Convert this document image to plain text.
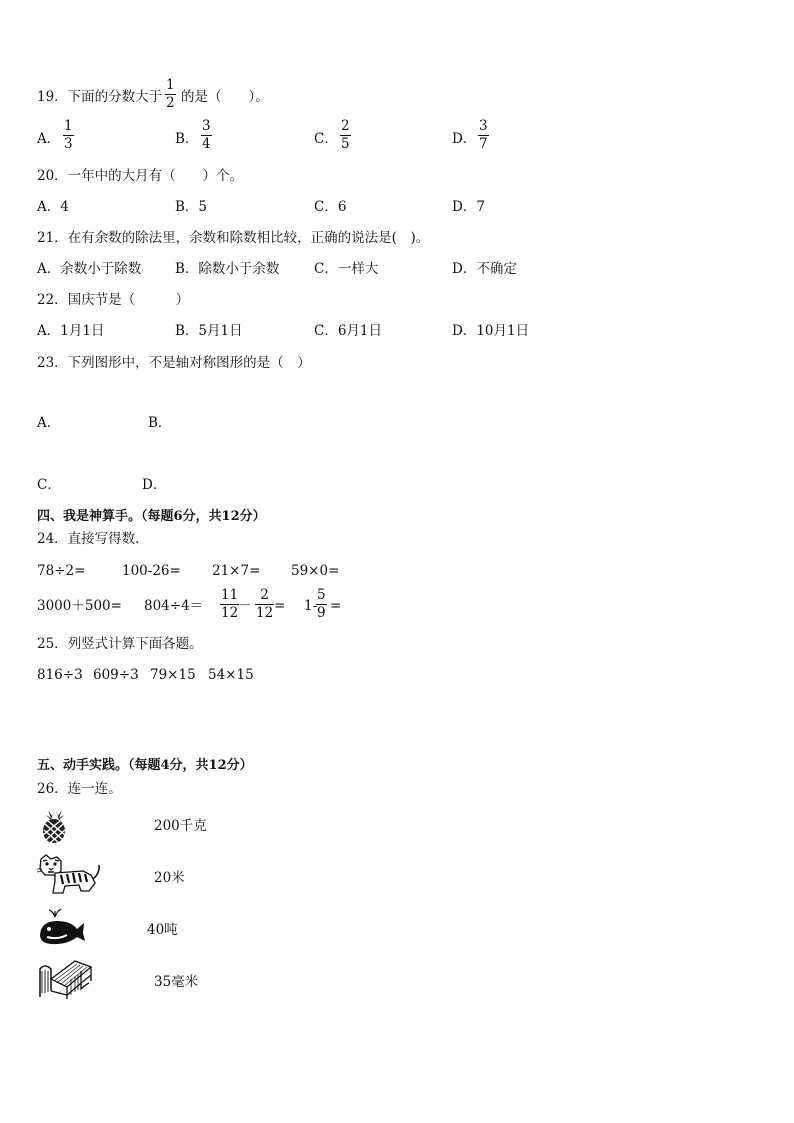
19．下面的分数大于
1
2 的是（　　）。
A．
1
3	B．
3
4	C．
2
5	D．
3
7
20．一年中的大月有（　　）个。
A．4	B．5	C．6	D．7
21．在有余数的除法里，余数和除数相比较，正确的说法是(　)。
A．余数小于除数	B．除数小于余数	C．一样大	D．不确定
22．国庆节是（　　　）
A．1月1日	B．5月1日	C．6月1日	D．10月1日
23．下列图形中，不是轴对称图形的是（　）
A．	B．
C．	D．
四、我是神算手。（每题6分，共12分）
24．直接写得数．
78÷2=	100-26= 21×7= 59×0=
3000＋500= 804÷4＝
11
12 －
2
12 = 1-
5
9 =
25．列竖式计算下面各题。
816÷3 609÷3 79×15 54×15
五、动手实践。（每题4分，共12分）
26．连一连。
200千克
20米
40吨
35毫米
